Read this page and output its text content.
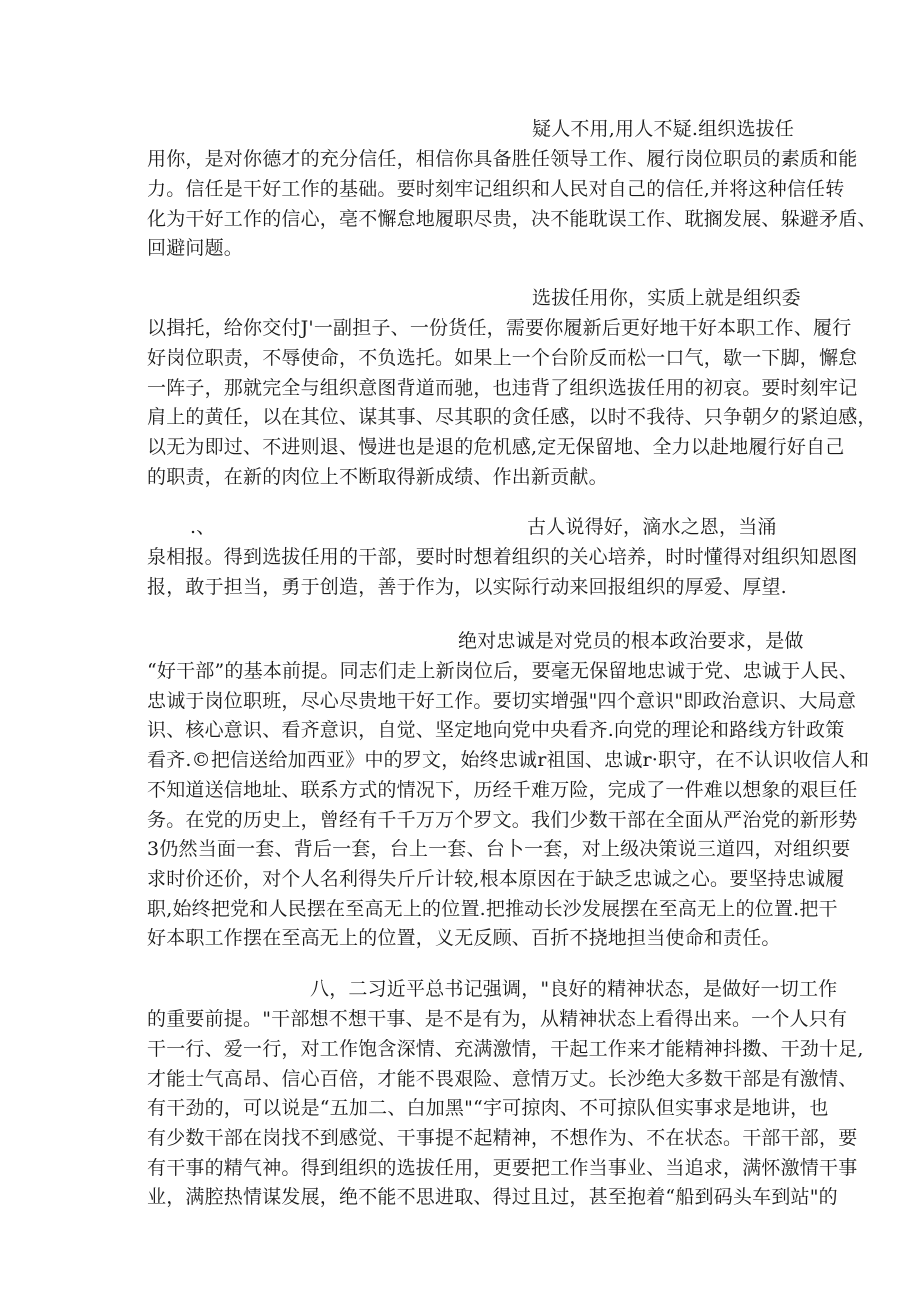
疑人不用,用人不疑.组织选拔任
用你，是对你德才的充分信任，相信你具备胜任领导工作、履行岗位职员的素质和能
力。信任是干好工作的基础。要时刻牢记组织和人民对自己的信任,并将这种信任转
化为干好工作的信心，亳不懈怠地履职尽贵，决不能耽误工作、耽搁发展、躲避矛盾、
回避问题。
选拔任用你，实质上就是组织委
以揖托，给你交付J'一副担子、一份货任，需要你履新后更好地干好本职工作、履行
好岗位职责，不辱使命，不负选托。如果上一个台阶反而松一口气，歇一下脚，懈怠
一阵子，那就完全与组织意图背道而驰，也违背了组织选拔任用的初哀。要时刻牢记
肩上的黄任，以在其位、谋其事、尽其职的贪任感，以时不我待、只争朝夕的紧迫感，
以无为即过、不进则退、慢进也是退的危机感,定无保留地、全力以赴地履行好自己
的职责，在新的肉位上不断取得新成绩、作出新贡献。
.、	古人说得好，滴水之恩，当涌
泉相报。得到选拔任用的干部，要时时想着组织的关心培养，时时懂得对组织知恩图
报，敢于担当，勇于创造，善于作为，以实际行动来回报组织的厚爱、厚望.
绝对忠诚是对党员的根本政治要求，是做
“好干部”的基本前提。同志们走上新岗位后，要毫无保留地忠诚于党、忠诚于人民、
忠诚于岗位职班，尽心尽贵地干好工作。要切实增强"四个意识"即政治意识、大局意
识、核心意识、看齐意识，自觉、坚定地向党中央看齐.向党的理论和路线方针政策
看齐.©把信送给加西亚》中的罗文，始终忠诚r祖国、忠诚r·职守，在不认识收信人和
不知道送信地址、联系方式的情况下，历经千难万险，完成了一件难以想象的艰巨任
务。在党的历史上，曾经有千千万万个罗文。我们少数干部在全面从严治党的新形势
3仍然当面一套、背后一套，台上一套、台卜一套，对上级决策说三道四，对组织要
求时价还价，对个人名利得失斤斤计较,根本原因在于缺乏忠诚之心。要坚持忠诚履
职,始终把党和人民摆在至高无上的位置.把推动长沙发展摆在至高无上的位置.把干
好本职工作摆在至高无上的位置，义无反顾、百折不挠地担当使命和责任。
八，二习近平总书记强调，"良好的精神状态，是做好一切工作
的重要前提。"干部想不想干事、是不是有为，从精神状态上看得出来。一个人只有
干一行、爱一行，对工作饱含深情、充满激情，干起工作来才能精神抖擞、干劲十足,
才能士气高昂、信心百倍，才能不畏艰险、意情万丈。长沙绝大多数干部是有激情、
有干劲的，可以说是“五加二、白加黑"“宇可掠肉、不可掠队但实事求是地讲，也
有少数干部在岗找不到感觉、干事提不起精神，不想作为、不在状态。干部干部，要
有干事的精气神。得到组织的选拔任用，更要把工作当事业、当追求，满怀激情干事
业，满腔热情谋发展，绝不能不思进取、得过且过，甚至抱着“船到码头车到站"的
